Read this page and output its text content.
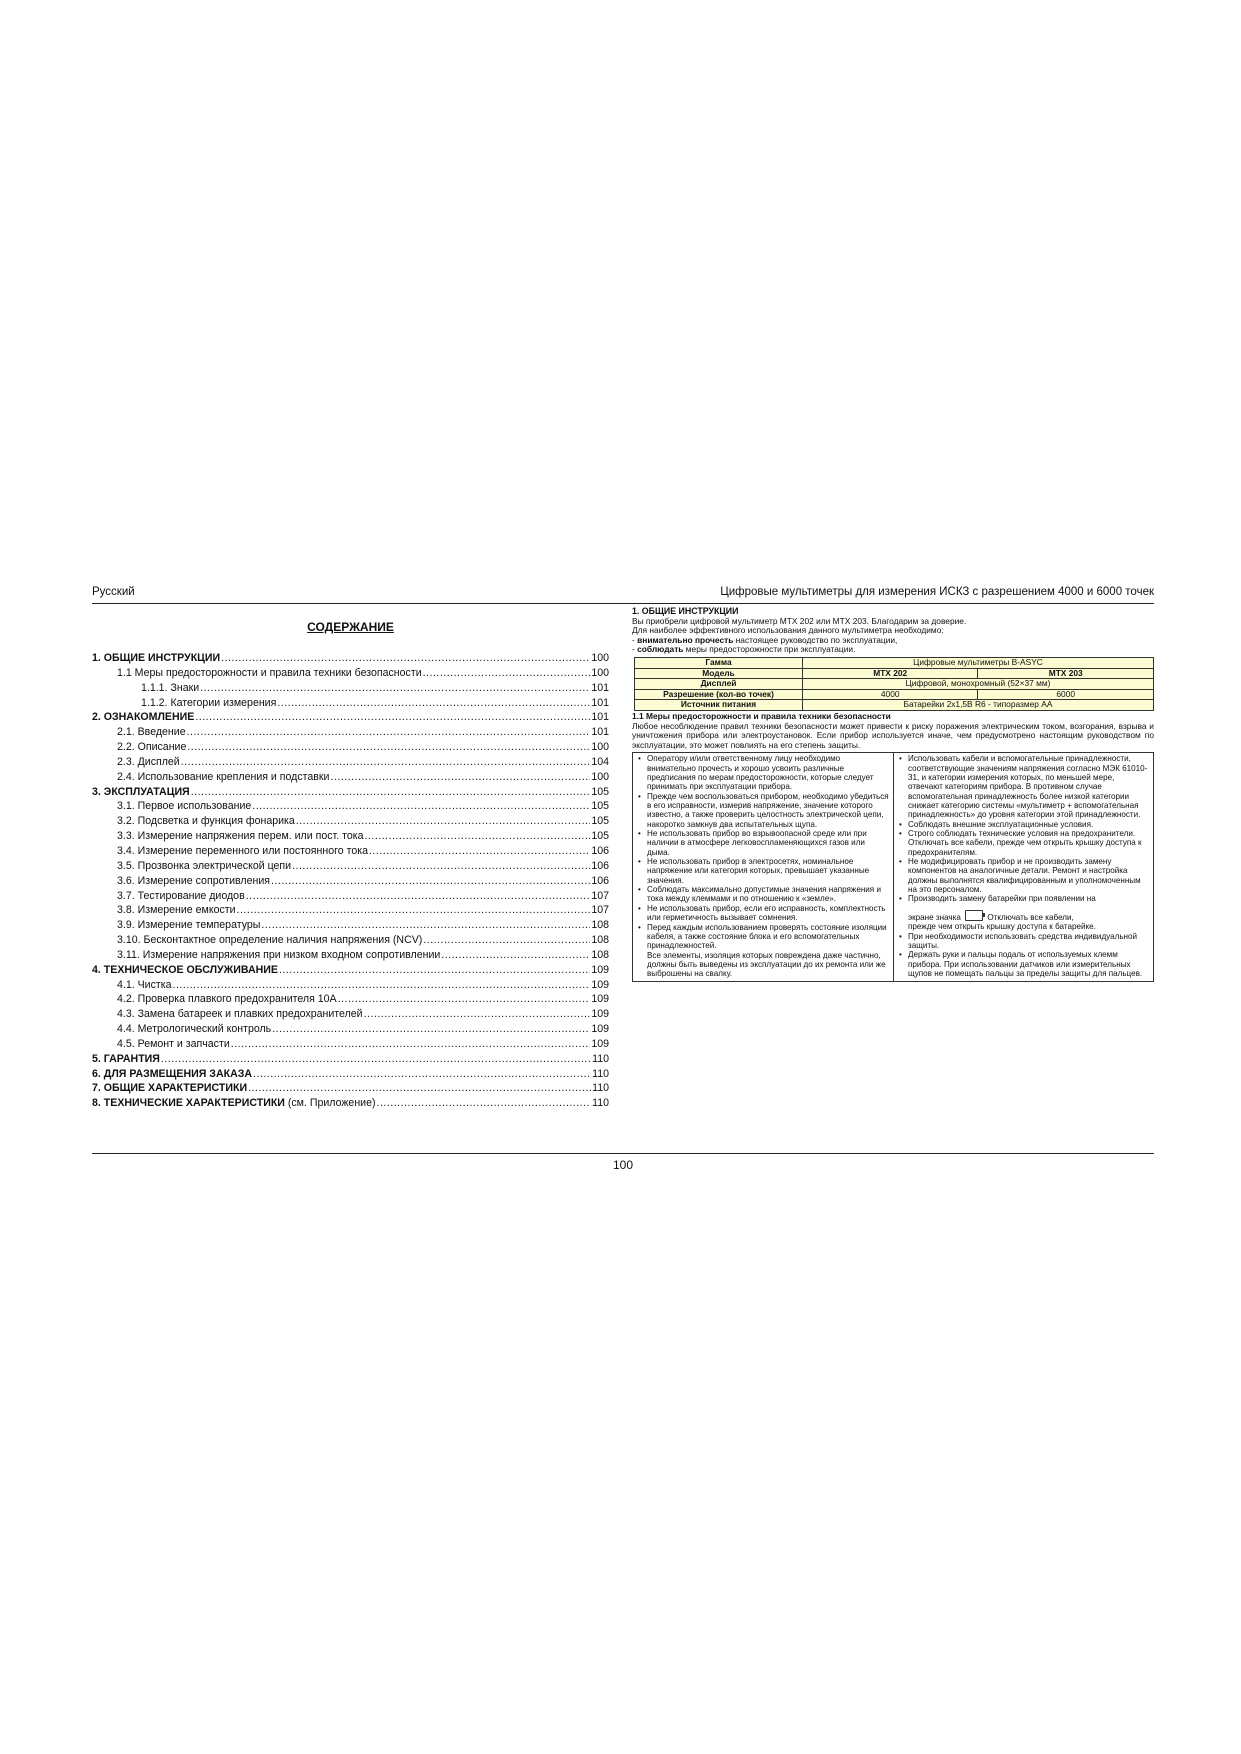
Русский	Цифровые мультиметры для измерения ИСКЗ с разрешением 4000 и 6000 точек
СОДЕРЖАНИЕ
1. ОБЩИЕ ИНСТРУКЦИИ .....	100
1.1 Меры предосторожности и правила техники безопасности .....	100
1.1.1. Знаки .....	101
1.1.2. Категории измерения .....	101
2. ОЗНАКОМЛЕНИЕ .....	101
2.1. Введение .....	101
2.2. Описание .....	100
2.3. Дисплей .....	104
2.4. Использование крепления и подставки .....	100
3. ЭКСПЛУАТАЦИЯ .....	105
3.1. Первое использование .....	105
3.2. Подсветка и функция фонарика .....	105
3.3. Измерение напряжения перем. или пост. тока .....	105
3.4. Измерение переменного или постоянного тока .....	106
3.5. Прозвонка электрической цепи .....	106
3.6. Измерение сопротивления .....	106
3.7. Тестирование диодов .....	107
3.8. Измерение емкости .....	107
3.9. Измерение температуры .....	108
3.10. Бесконтактное определение наличия напряжения (NCV) .....	108
3.11. Измерение напряжения при низком входном сопротивлении .....	108
4. ТЕХНИЧЕСКОЕ ОБСЛУЖИВАНИЕ .....	109
4.1. Чистка .....	109
4.2. Проверка плавкого предохранителя 10А .....	109
4.3. Замена батареек и плавких предохранителей .....	109
4.4. Метрологический контроль .....	109
4.5. Ремонт и запчасти .....	109
5. ГАРАНТИЯ .....	110
6. ДЛЯ РАЗМЕЩЕНИЯ ЗАКАЗА .....	110
7. ОБЩИЕ ХАРАКТЕРИСТИКИ .....	110
8. ТЕХНИЧЕСКИЕ ХАРАКТЕРИСТИКИ (см. Приложение) .....	110
1. ОБЩИЕ ИНСТРУКЦИИ

Вы приобрели цифровой мультиметр MTX 202 или MTX 203. Благодарим за доверие.

Для наиболее эффективного использования данного мультиметра необходимо:

- внимательно прочесть настоящее руководство по эксплуатации,

- соблюдать меры предосторожности при эксплуатации.

Гамма	Цифровые мультиметры B-ASYC	
Модель	MTX 202	MTX 203
Дисплей	Цифровой, монохромный (52×37 мм)	
Разрешение (кол-во точек)	4000	6000
Источник питания	Батарейки 2x1,5В R6 - типоразмер AA	
1.1 Меры предосторожности и правила техники безопасности
Любое несоблюдение правил техники безопасности может привести к риску поражения электрическим током, возгорания, взрыва и уничтожения прибора или электроустановок. Если прибор используется иначе, чем предусмотрено настоящим руководством по эксплуатации, это может повлиять на его степень защиты.
• Оператору и/или ответственному лицу необходимо внимательно прочесть и хорошо усвоить различные предписания по мерам предосторожности, которые следует принимать при эксплуатации прибора.
• Прежде чем воспользоваться прибором, необходимо убедиться в его исправности, измерив напряжение, значение которого известно, а также проверить целостность электрической цепи, накоротко замкнув два испытательных щупа.
• Не использовать прибор во взрывоопасной среде или при наличии в атмосфере легковоспламеняющихся газов или дыма.
• Не использовать прибор в электросетях, номинальное напряжение или категория которых, превышает указанные значения.
• Соблюдать максимально допустимые значения напряжения и тока между клеммами и по отношению к «земле».
• Не использовать прибор, если его исправность, комплектность или герметичность вызывает сомнения.
• Перед каждым использованием проверять состояние изоляции кабеля, а также состояние блока и его вспомогательных принадлежностей.
Все элементы, изоляция которых повреждена даже частично, должны быть выведены из эксплуатации до их ремонта или же выброшены на свалку.
• Использовать кабели и вспомогательные принадлежности, соответствующие значениям напряжения согласно МЭК 61010-31, и категории измерения которых, по меньшей мере, отвечают категориям прибора. В противном случае вспомогательная принадлежность более низкой категории снижает категорию системы «мультиметр + вспомогательная принадлежность» до уровня категории этой принадлежности.
• Соблюдать внешние эксплуатационные условия.
• Строго соблюдать технические условия на предохранители. Отключать все кабели, прежде чем открыть крышку доступа к предохранителям.
• Не модифицировать прибор и не производить замену компонентов на аналогичные детали. Ремонт и настройка должны выполнятся квалифицированным и уполномоченным на это персоналом.
• Производить замену батарейки при появлении на
экране значка	Отключать все кабели,
прежде чем открыть крышку доступа к батарейке.
• При необходимости использовать средства индивидуальной защиты.
• Держать руки и пальцы подаль от используемых клемм прибора. При использовании датчиков или измерительных щупов не помещать пальцы за пределы защиты для пальцев.
100
